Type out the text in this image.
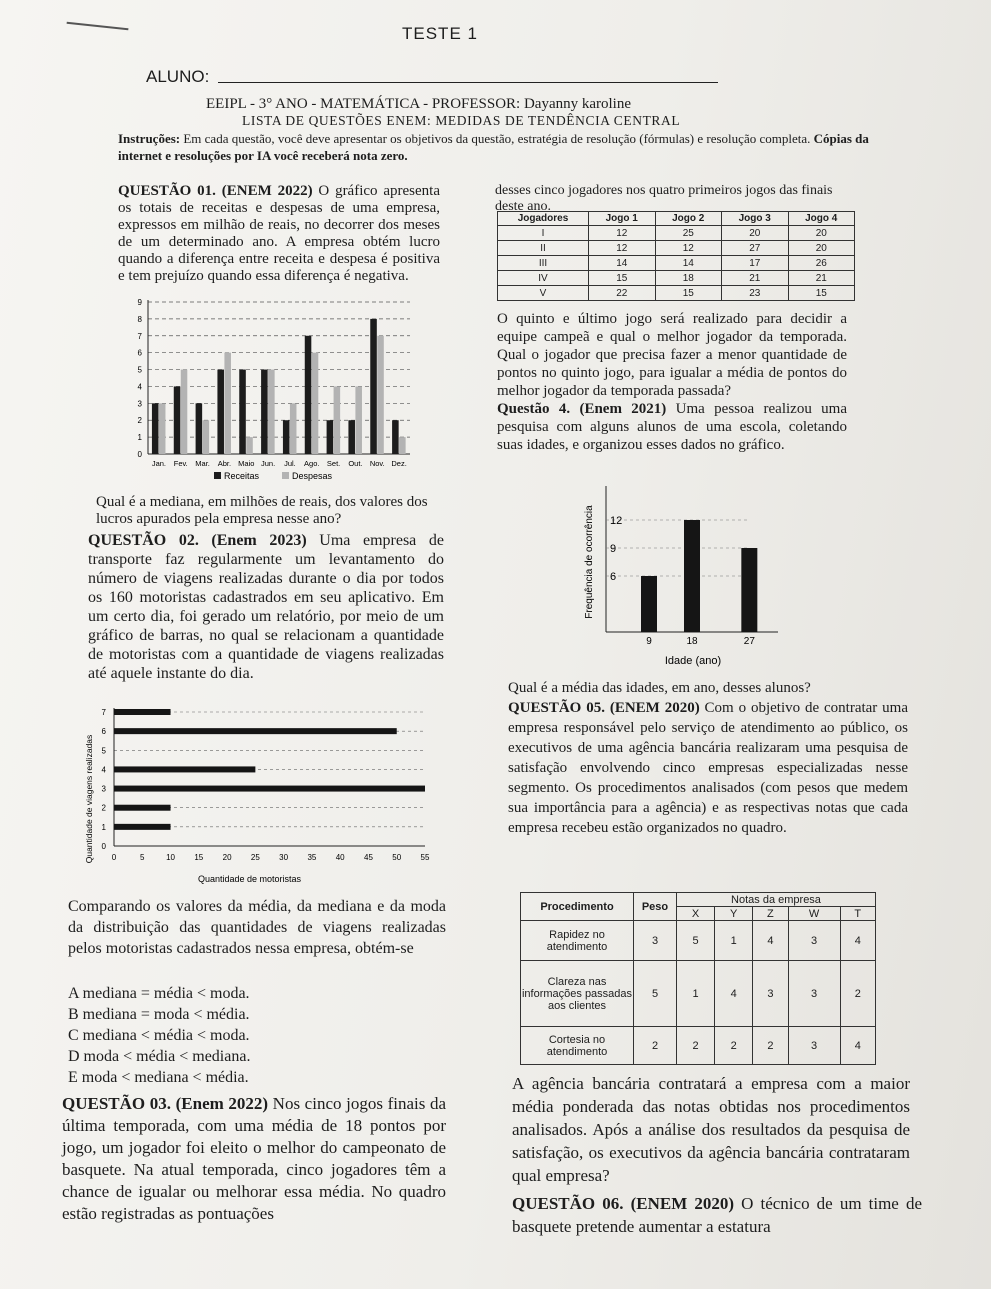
TESTE 1
ALUNO:
EEIPL - 3° ANO - MATEMÁTICA - PROFESSOR: Dayanny karoline
LISTA DE QUESTÕES ENEM: MEDIDAS DE TENDÊNCIA CENTRAL
Instruções: Em cada questão, você deve apresentar os objetivos da questão, estratégia de resolução (fórmulas) e resolução completa. Cópias da internet e resoluções por IA você receberá nota zero.
QUESTÃO 01. (ENEM 2022) O gráfico apresenta os totais de receitas e despesas de uma empresa, expressos em milhão de reais, no decorrer dos meses de um determinado ano. A empresa obtém lucro quando a diferença entre receita e despesa é positiva e tem prejuízo quando essa diferença é negativa.
0
1
2
3
4
5
6
7
8
9
Jan. Fev. Mar. Abr. Maio Jun. Jul. Ago. Set. Out. Nov. Dez.
Receitas	Despesas
Qual é a mediana, em milhões de reais, dos valores dos lucros apurados pela empresa nesse ano?
QUESTÃO 02. (Enem 2023) Uma empresa de transporte faz regularmente um levantamento do número de viagens realizadas durante o dia por todos os 160 motoristas cadastrados em seu aplicativo. Em um certo dia, foi gerado um relatório, por meio de um gráfico de barras, no qual se relacionam a quantidade de motoristas com a quantidade de viagens realizadas até aquele instante do dia.
0
1
2
3
4
5
6
7
0	5	10 15 20 25 30 35 40 45 50 55
Quantidade de motoristas
Quantidade de viagens realizadas
Comparando os valores da média, da mediana e da moda da distribuição das quantidades de viagens realizadas pelos motoristas cadastrados nessa empresa, obtém-se
A mediana = média < moda.
B mediana = moda < média.
C mediana < média < moda.
D moda < média < mediana.
E moda < mediana < média.
QUESTÃO 03. (Enem 2022) Nos cinco jogos finais da última temporada, com uma média de 18 pontos por jogo, um jogador foi eleito o melhor do campeonato de basquete. Na atual temporada, cinco jogadores têm a chance de igualar ou melhorar essa média. No quadro estão registradas as pontuações
desses cinco jogadores nos quatro primeiros jogos das finais deste ano.
Jogadores	Jogo 1	Jogo 2	Jogo 3	Jogo 4
I	12	25	20	20
II	12	12	27	20
III	14	14	17	26
IV	15	18	21	21
V	22	15	23	15
O quinto e último jogo será realizado para decidir a equipe campeã e qual o melhor jogador da temporada. Qual o jogador que precisa fazer a menor quantidade de pontos no quinto jogo, para igualar a média de pontos do melhor jogador da temporada passada?
Questão 4. (Enem 2021) Uma pessoa realizou uma pesquisa com alguns alunos de uma escola, coletando suas idades, e organizou esses dados no gráfico.
6
9
12
9	18	27
Idade (ano)
Frequência de ocorrência
Qual é a média das idades, em ano, desses alunos?
QUESTÃO 05. (ENEM 2020) Com o objetivo de contratar uma empresa responsável pelo serviço de atendimento ao público, os executivos de uma agência bancária realizaram uma pesquisa de satisfação envolvendo cinco empresas especializadas nesse segmento. Os procedimentos analisados (com pesos que medem sua importância para a agência) e as respectivas notas que cada empresa recebeu estão organizados no quadro.
Procedimento	Peso	Notas da empresa				
		X	Y	Z	W	T
Rapidez no atendimento	3	5	1	4	3	4
Clareza nas informações passadas aos clientes	5	1	4	3	3	2
Cortesia no atendimento	2	2	2	2	3	4
A agência bancária contratará a empresa com a maior média ponderada das notas obtidas nos procedimentos analisados. Após a análise dos resultados da pesquisa de satisfação, os executivos da agência bancária contrataram qual empresa?
QUESTÃO 06. (ENEM 2020) O técnico de um time de basquete pretende aumentar a estatura
